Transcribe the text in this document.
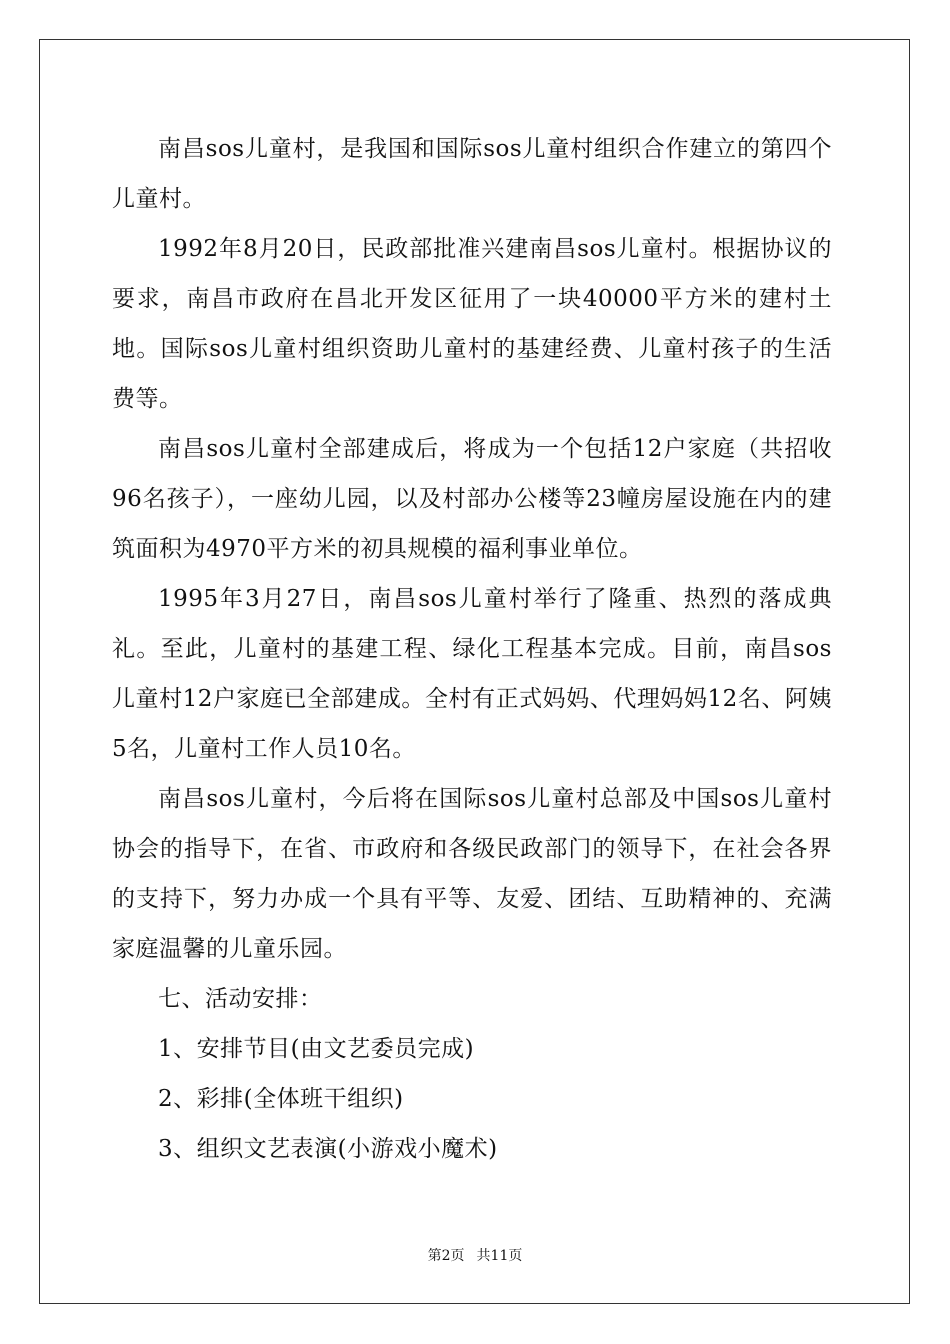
南昌sos儿童村，是我国和国际sos儿童村组织合作建立的第四个儿童村。

1992年8月20日，民政部批准兴建南昌sos儿童村。根据协议的要求，南昌市政府在昌北开发区征用了一块40000平方米的建村土地。国际sos儿童村组织资助儿童村的基建经费、儿童村孩子的生活费等。

南昌sos儿童村全部建成后，将成为一个包括12户家庭（共招收96名孩子），一座幼儿园，以及村部办公楼等23幢房屋设施在内的建筑面积为4970平方米的初具规模的福利事业单位。

1995年3月27日，南昌sos儿童村举行了隆重、热烈的落成典礼。至此，儿童村的基建工程、绿化工程基本完成。目前，南昌sos儿童村12户家庭已全部建成。全村有正式妈妈、代理妈妈12名、阿姨5名，儿童村工作人员10名。

南昌sos儿童村，今后将在国际sos儿童村总部及中国sos儿童村协会的指导下，在省、市政府和各级民政部门的领导下，在社会各界的支持下，努力办成一个具有平等、友爱、团结、互助精神的、充满家庭温馨的儿童乐园。

七、活动安排：

1、安排节目(由文艺委员完成)

2、彩排(全体班干组织)

3、组织文艺表演(小游戏小魔术)

第2页 共11页
